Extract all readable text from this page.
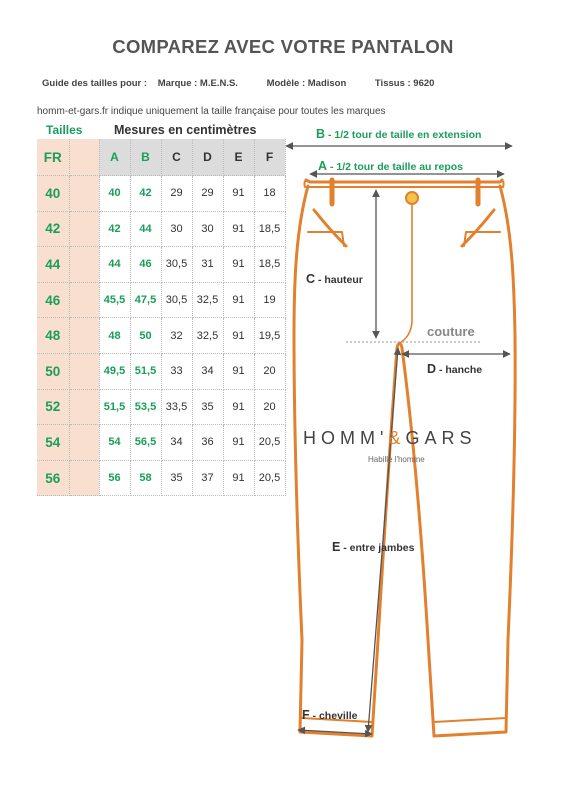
COMPAREZ AVEC VOTRE PANTALON
Guide des tailles pour : Marque : M.E.N.S.	Modèle : Madison	Tissus : 9620
homm-et-gars.fr indique uniquement la taille française pour toutes les marques
Tailles	Mesures en centimètres
FR		A	B	C	D	E	F
40		40	42	29	29	91	18
42		42	44	30	30	91	18,5
44		44	46	30,5	31	91	18,5
46		45,5	47,5	30,5	32,5	91	19
48		48	50	32	32,5	91	19,5
50		49,5	51,5	33	34	91	20
52		51,5	53,5	33,5	35	91	20
54		54	56,5	34	36	91	20,5
56		56	58	35	37	91	20,5
B - 1/2 tour de taille en extension
A - 1/2 tour de taille au repos
C - hauteur
couture
D - hanche
E - entre jambes
F - cheville
HOMM'&GARS
Habille l'homme
